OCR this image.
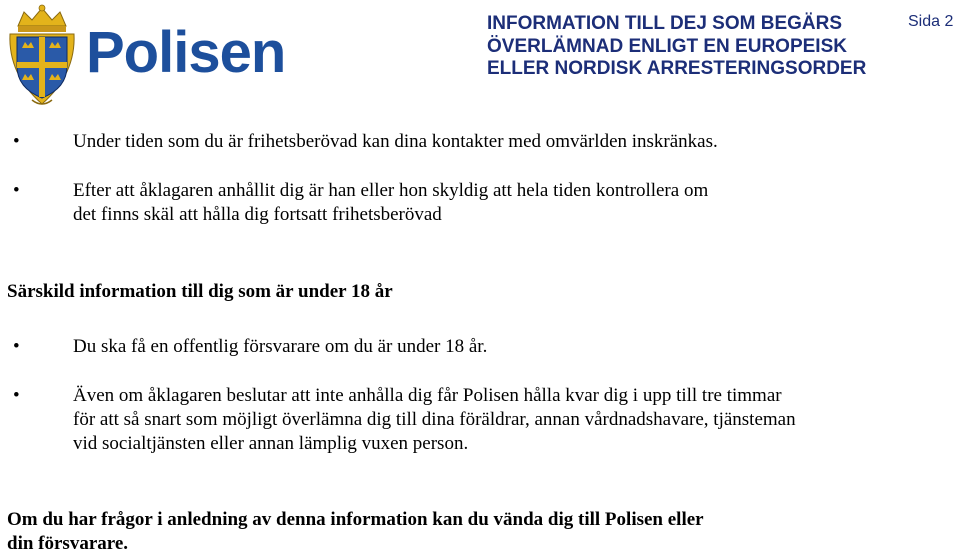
Polisen	INFORMATION TILL DEJ SOM BEGÄRS
ÖVERLÄMNAD ENLIGT EN EUROPEISK
ELLER NORDISK ARRESTERINGSORDER
Sida 2
•	Under tiden som du är frihetsberövad kan dina kontakter med omvärlden inskränkas.
•	Efter att åklagaren anhållit dig är han eller hon skyldig att hela tiden kontrollera om
det finns skäl att hålla dig fortsatt frihetsberövad
Särskild information till dig som är under 18 år
•	Du ska få en offentlig försvarare om du är under 18 år.
•	Även om åklagaren beslutar att inte anhålla dig får Polisen hålla kvar dig i upp till tre timmar
för att så snart som möjligt överlämna dig till dina föräldrar, annan vårdnadshavare, tjänsteman
vid socialtjänsten eller annan lämplig vuxen person.
Om du har frågor i anledning av denna information kan du vända dig till Polisen eller
din försvarare.
